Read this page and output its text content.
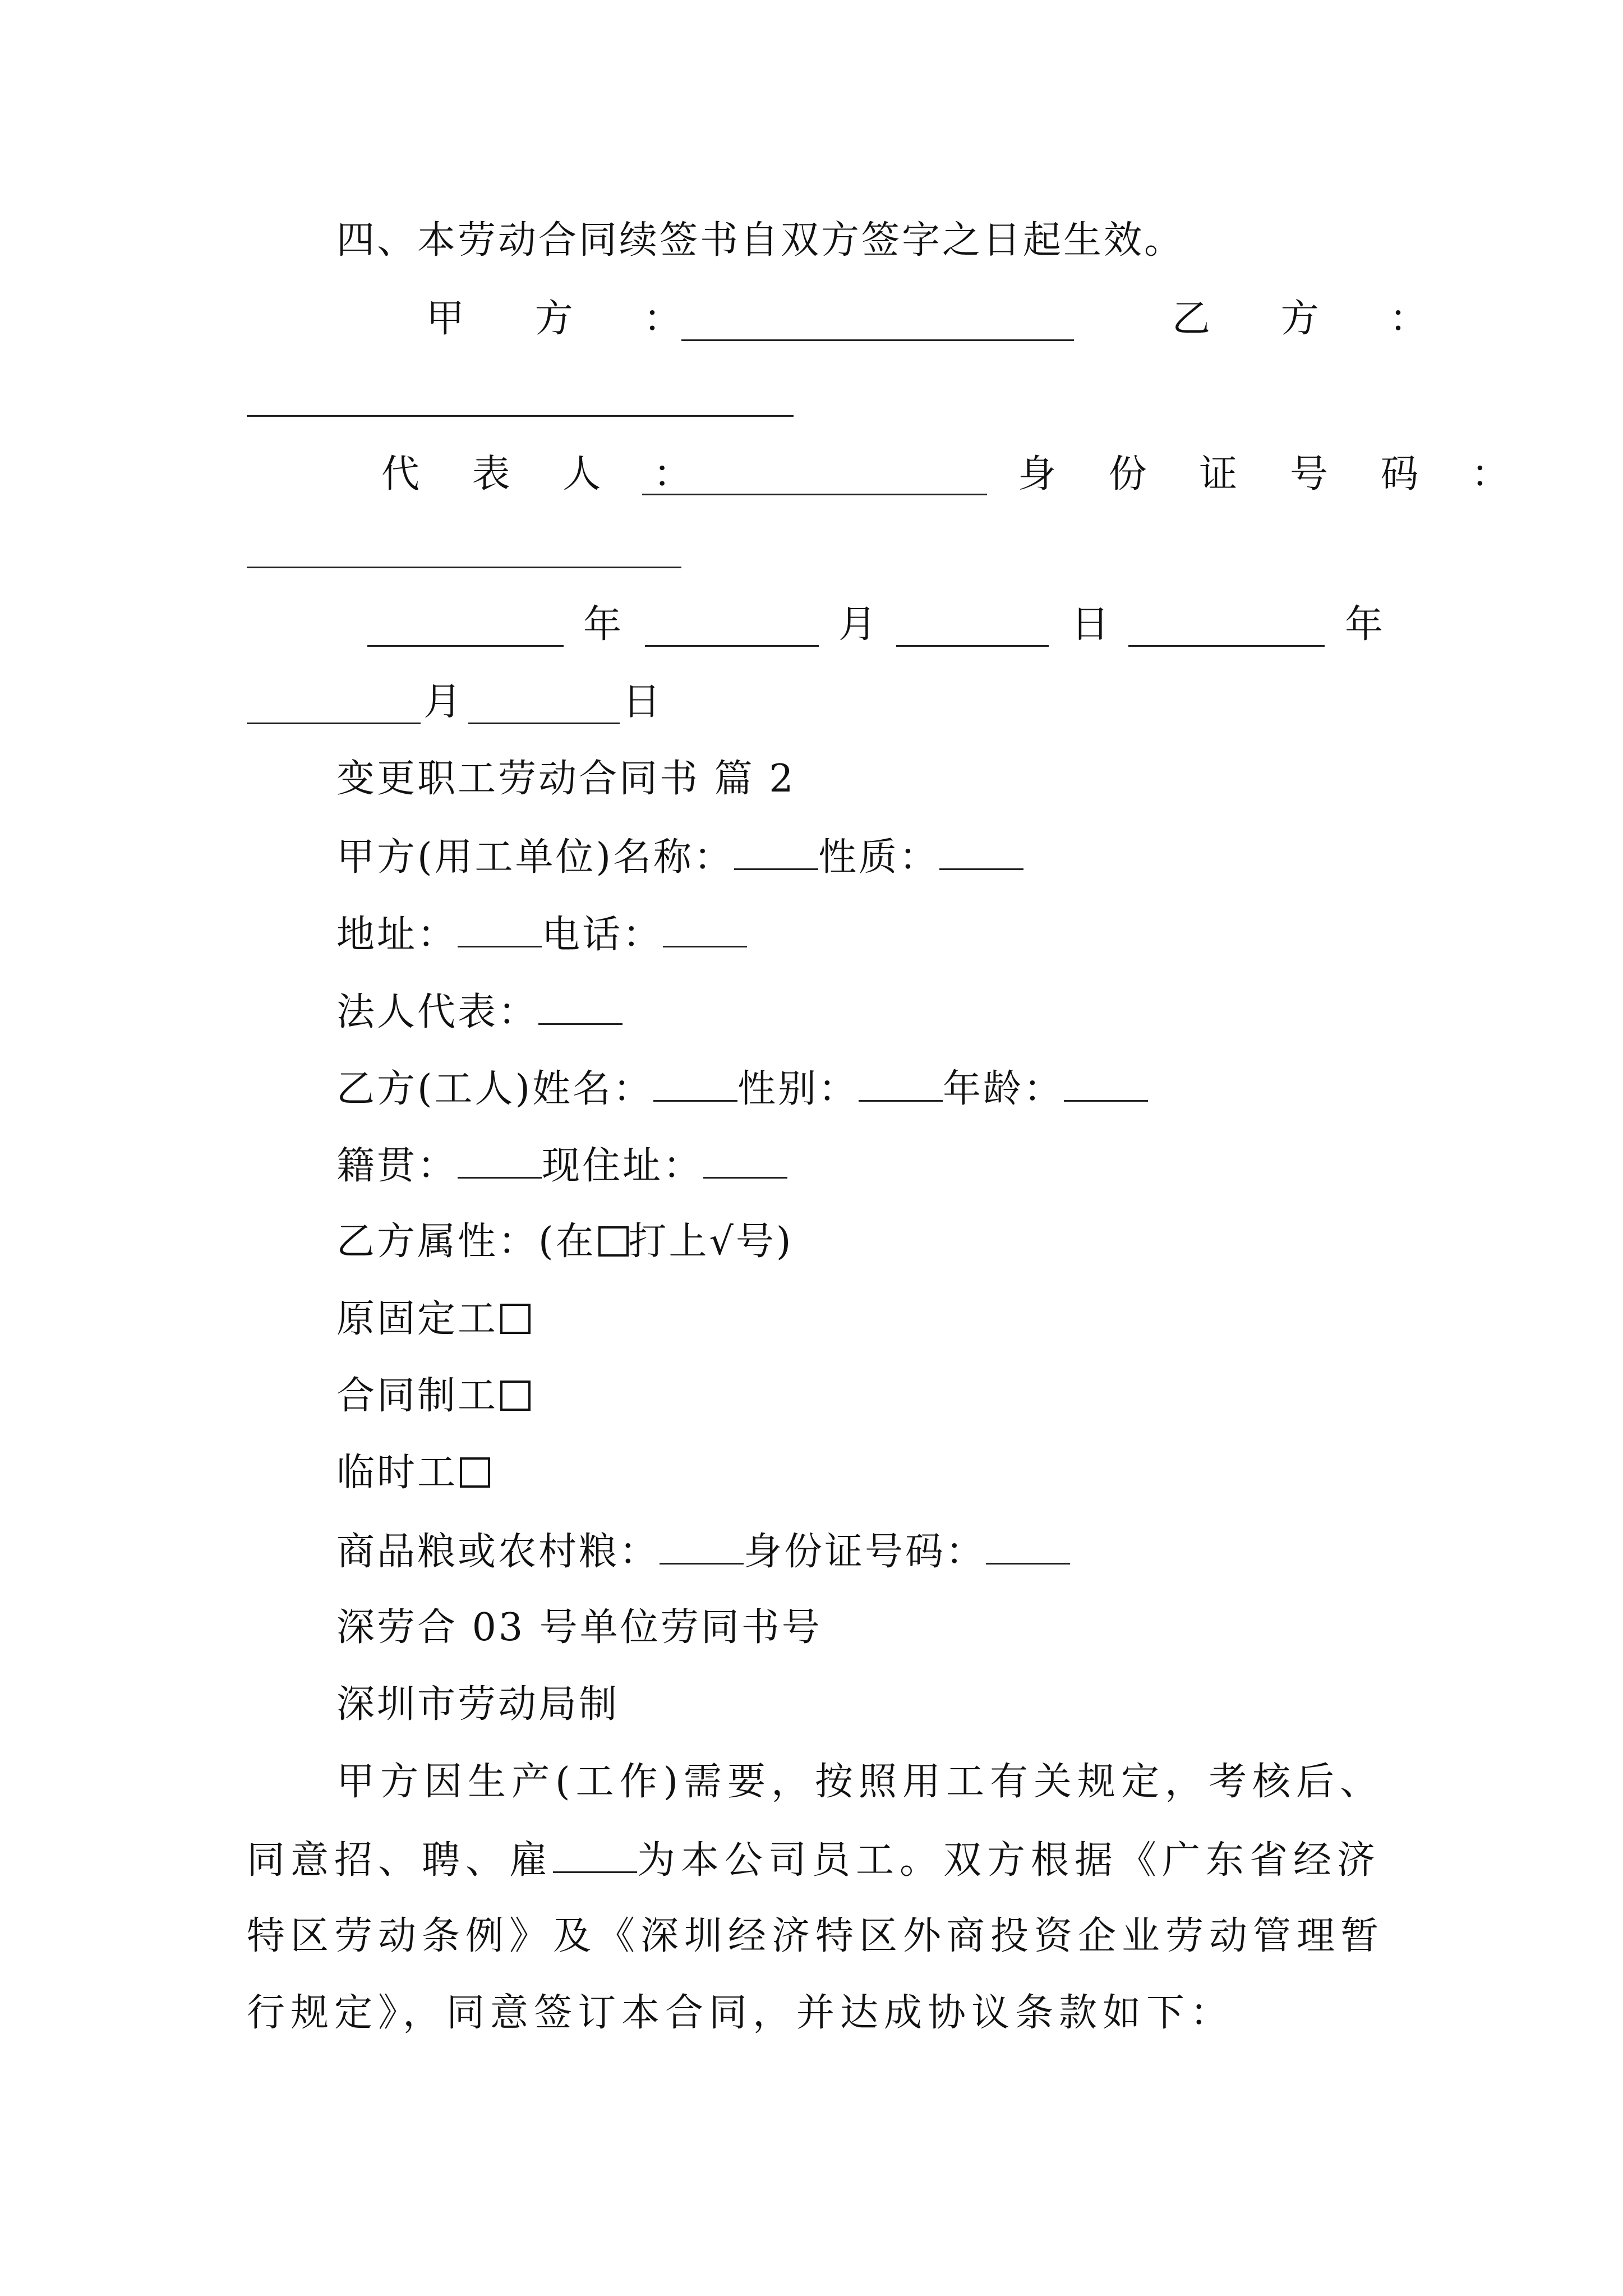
四、本劳动合同续签书自双方签字之日起生效。
甲 方 ：	乙 方 ：
代 表 人 ：	身 份 证 号 码 ：
年	月	日	年
月	日
变更职工劳动合同书 篇 2
甲方(用工单位)名称： 性质：
地址： 电话：
法人代表：
乙方(工人)姓名： 性别： 年龄：
籍贯： 现住址：
乙方属性：(在 打上√号)
原固定工
合同制工
临时工
商品粮或农村粮： 身份证号码：
深劳合 03 号单位劳同书号
深圳市劳动局制
甲方因生产(工作)需要，按照用工有关规定，考核后、
同意招、聘、雇 为本公司员工。双方根据《广东省经济
特区劳动条例》及《深圳经济特区外商投资企业劳动管理暂
行规定》，同意签订本合同，并达成协议条款如下：
